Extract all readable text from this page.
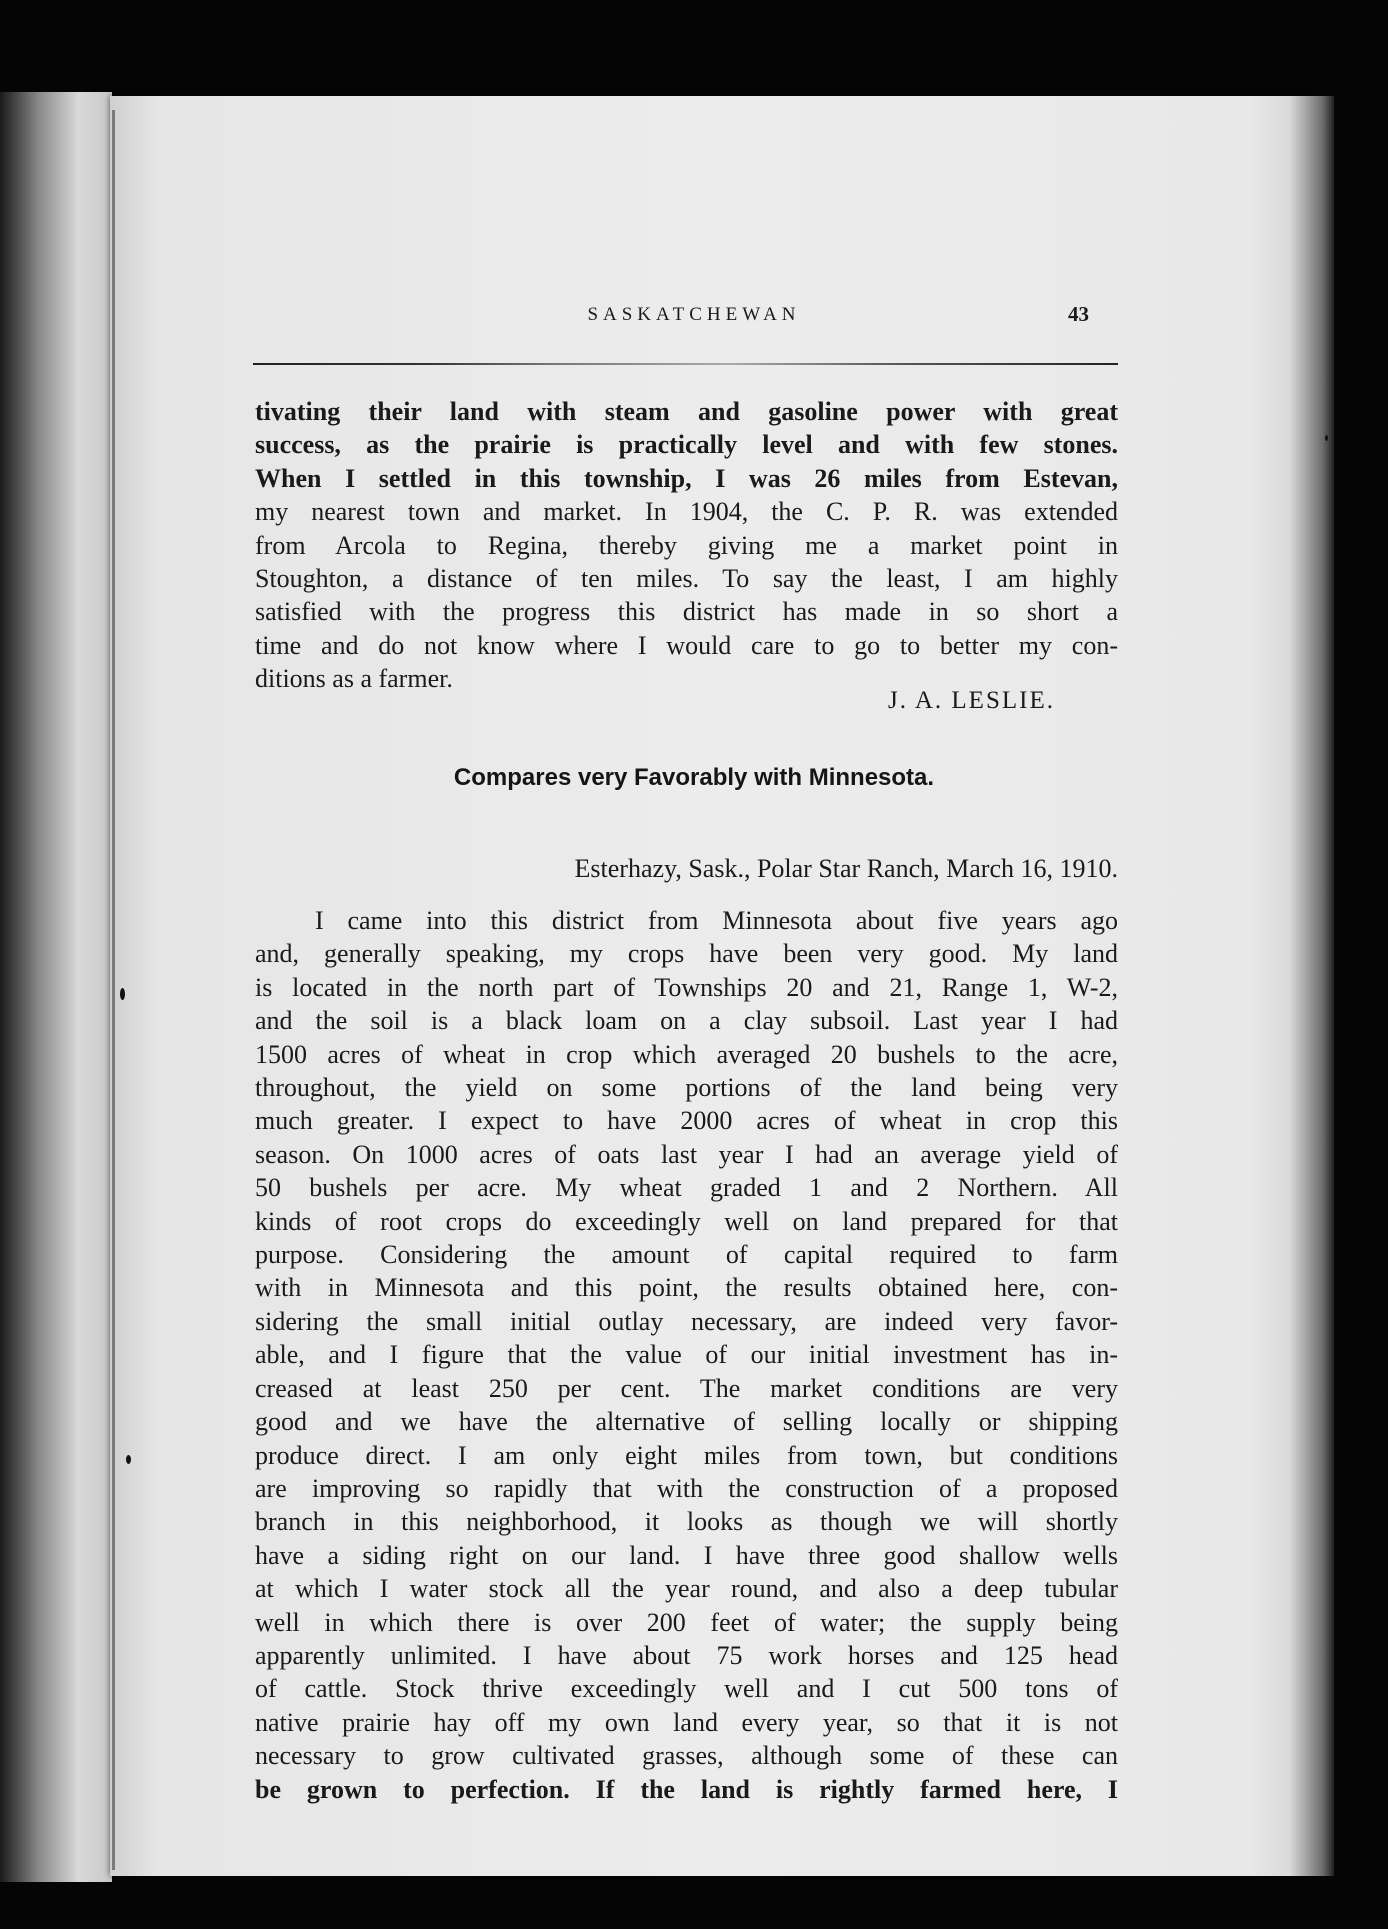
SASKATCHEWAN	43
tivating their land with steam and gasoline power with great
success, as the prairie is practically level and with few stones.
When I settled in this township, I was 26 miles from Estevan,
my nearest town and market. In 1904, the C. P. R. was extended
from Arcola to Regina, thereby giving me a market point in
Stoughton, a distance of ten miles. To say the least, I am highly
satisfied with the progress this district has made in so short a
time and do not know where I would care to go to better my con-
ditions as a farmer.
J. A. LESLIE.
Compares very Favorably with Minnesota.
Esterhazy, Sask., Polar Star Ranch, March 16, 1910.
I came into this district from Minnesota about five years ago
and, generally speaking, my crops have been very good. My land
is located in the north part of Townships 20 and 21, Range 1, W-2,
and the soil is a black loam on a clay subsoil. Last year I had
1500 acres of wheat in crop which averaged 20 bushels to the acre,
throughout, the yield on some portions of the land being very
much greater. I expect to have 2000 acres of wheat in crop this
season. On 1000 acres of oats last year I had an average yield of
50 bushels per acre. My wheat graded 1 and 2 Northern. All
kinds of root crops do exceedingly well on land prepared for that
purpose. Considering the amount of capital required to farm
with in Minnesota and this point, the results obtained here, con-
sidering the small initial outlay necessary, are indeed very favor-
able, and I figure that the value of our initial investment has in-
creased at least 250 per cent. The market conditions are very
good and we have the alternative of selling locally or shipping
produce direct. I am only eight miles from town, but conditions
are improving so rapidly that with the construction of a proposed
branch in this neighborhood, it looks as though we will shortly
have a siding right on our land. I have three good shallow wells
at which I water stock all the year round, and also a deep tubular
well in which there is over 200 feet of water; the supply being
apparently unlimited. I have about 75 work horses and 125 head
of cattle. Stock thrive exceedingly well and I cut 500 tons of
native prairie hay off my own land every year, so that it is not
necessary to grow cultivated grasses, although some of these can
be grown to perfection. If the land is rightly farmed here, I
